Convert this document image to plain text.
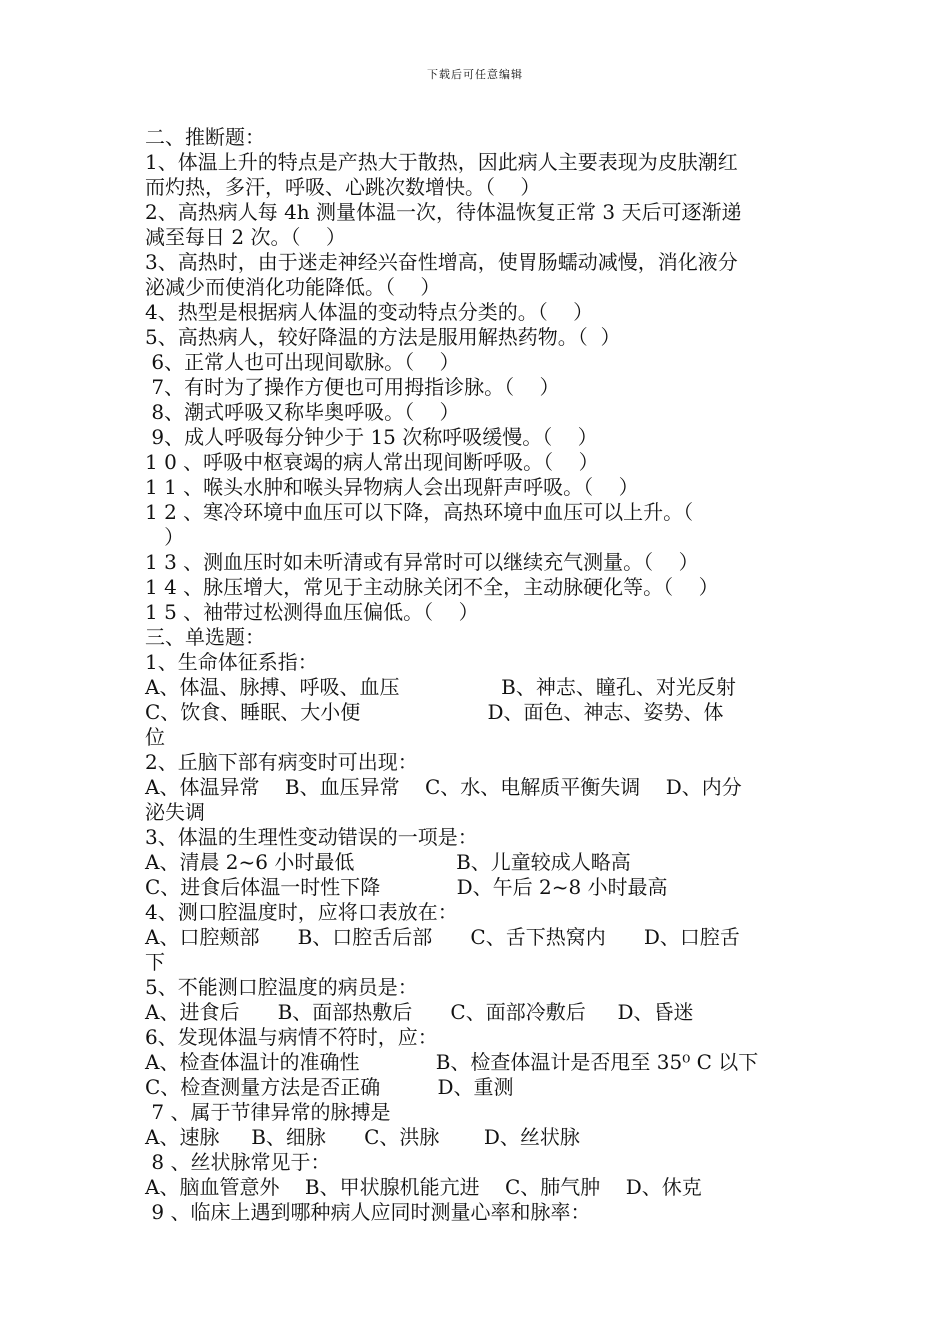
下载后可任意编辑
二、推断题：
1、体温上升的特点是产热大于散热，因此病人主要表现为皮肤潮红
而灼热，多汗，呼吸、心跳次数增快。（    ）
2、高热病人每 4h 测量体温一次，待体温恢复正常 3 天后可逐渐递
减至每日 2 次。（    ）
3、高热时，由于迷走神经兴奋性增高，使胃肠蠕动减慢，消化液分
泌减少而使消化功能降低。（    ）
4、热型是根据病人体温的变动特点分类的。（    ）
5、高热病人，较好降温的方法是服用解热药物。（  ）
6、正常人也可出现间歇脉。（    ）
7、有时为了操作方便也可用拇指诊脉。（    ）
8、潮式呼吸又称毕奥呼吸。（    ）
9、成人呼吸每分钟少于 15 次称呼吸缓慢。（    ）
1 0 、呼吸中枢衰竭的病人常出现间断呼吸。（    ）
1 1 、喉头水肿和喉头异物病人会出现鼾声呼吸。（    ）
1 2 、寒冷环境中血压可以下降，高热环境中血压可以上升。（
）
1 3 、测血压时如未听清或有异常时可以继续充气测量。（    ）
1 4 、脉压增大，常见于主动脉关闭不全，主动脉硬化等。（    ）
1 5 、袖带过松测得血压偏低。（    ）
三、单选题：
1、生命体征系指：
A、体温、脉搏、呼吸、血压                B、神志、瞳孔、对光反射
C、饮食、睡眠、大小便                    D、面色、神志、姿势、体
位
2、丘脑下部有病变时可出现：
A、体温异常    B、血压异常    C、水、电解质平衡失调    D、内分
泌失调
3、体温的生理性变动错误的一项是：
A、清晨 2~6 小时最低                B、儿童较成人略高
C、进食后体温一时性下降            D、午后 2~8 小时最高
4、测口腔温度时，应将口表放在：
A、口腔颊部      B、口腔舌后部      C、舌下热窝内      D、口腔舌
下
5、不能测口腔温度的病员是：
A、进食后      B、面部热敷后      C、面部冷敷后     D、昏迷
6、发现体温与病情不符时，应：
A、检查体温计的准确性            B、检查体温计是否甩至 35⁰ C 以下
C、检查测量方法是否正确         D、重测
7 、属于节律异常的脉搏是
A、速脉     B、细脉      C、洪脉       D、丝状脉
8 、丝状脉常见于：
A、脑血管意外    B、甲状腺机能亢进    C、肺气肿    D、休克
9 、临床上遇到哪种病人应同时测量心率和脉率：
